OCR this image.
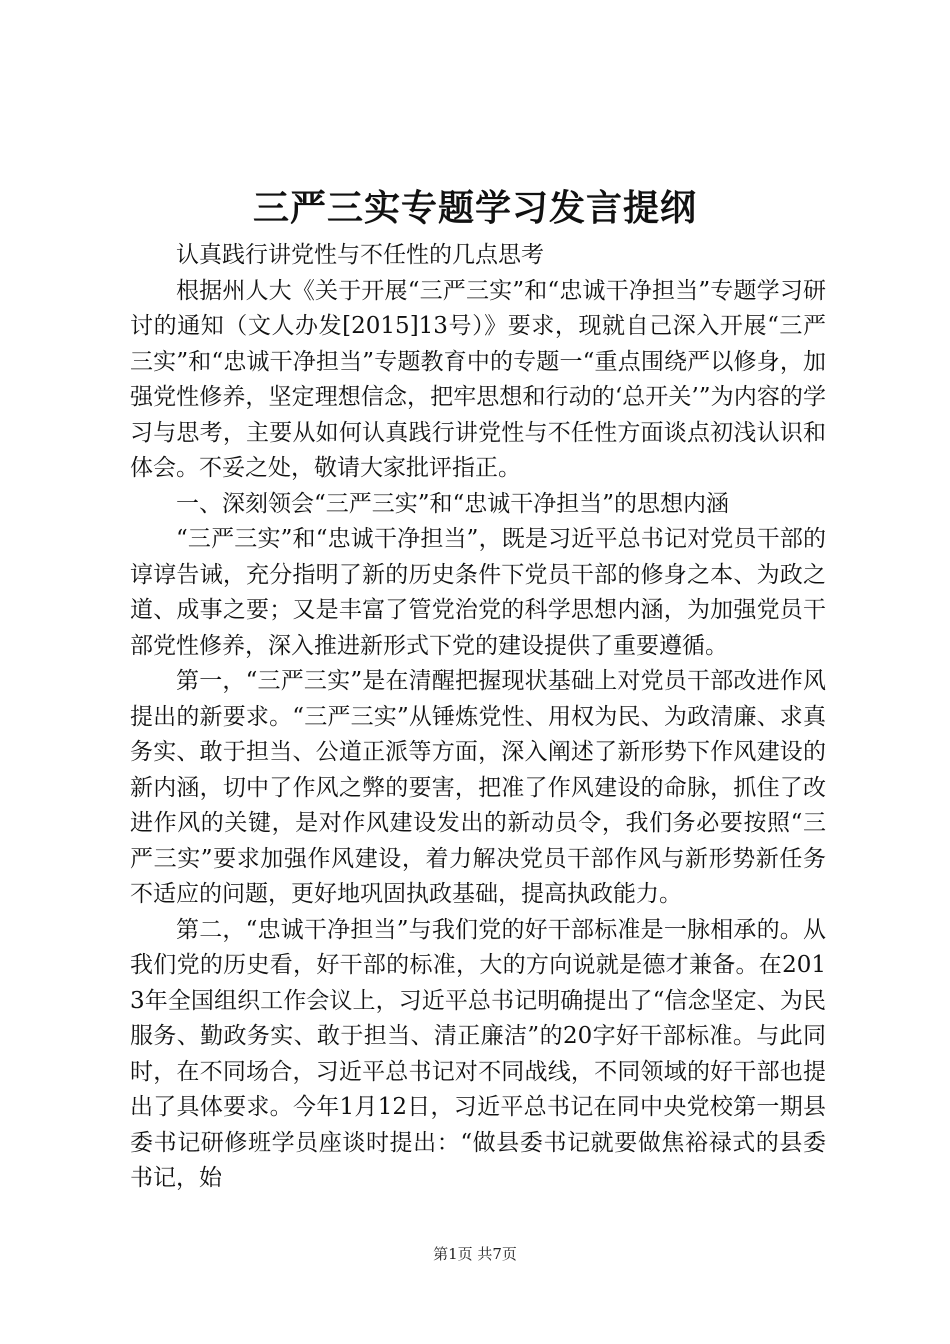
三严三实专题学习发言提纲

认真践行讲党性与不任性的几点思考

根据州人大《关于开展“三严三实”和“忠诚干净担当”专题学习研讨的通知（文人办发[2015]13号）》要求，现就自己深入开展“三严三实”和“忠诚干净担当”专题教育中的专题一“重点围绕严以修身，加强党性修养，坚定理想信念，把牢思想和行动的‘总开关’”为内容的学习与思考，主要从如何认真践行讲党性与不任性方面谈点初浅认识和体会。不妥之处，敬请大家批评指正。

一、深刻领会“三严三实”和“忠诚干净担当”的思想内涵

“三严三实”和“忠诚干净担当”，既是习近平总书记对党员干部的谆谆告诫，充分指明了新的历史条件下党员干部的修身之本、为政之道、成事之要；又是丰富了管党治党的科学思想内涵，为加强党员干部党性修养，深入推进新形式下党的建设提供了重要遵循。

第一，“三严三实”是在清醒把握现状基础上对党员干部改进作风提出的新要求。“三严三实”从锤炼党性、用权为民、为政清廉、求真务实、敢于担当、公道正派等方面，深入阐述了新形势下作风建设的新内涵，切中了作风之弊的要害，把准了作风建设的命脉，抓住了改进作风的关键，是对作风建设发出的新动员令，我们务必要按照“三严三实”要求加强作风建设，着力解决党员干部作风与新形势新任务不适应的问题，更好地巩固执政基础，提高执政能力。

第二，“忠诚干净担当”与我们党的好干部标准是一脉相承的。从我们党的历史看，好干部的标准，大的方向说就是德才兼备。在2013年全国组织工作会议上，习近平总书记明确提出了“信念坚定、为民服务、勤政务实、敢于担当、清正廉洁”的20字好干部标准。与此同时，在不同场合，习近平总书记对不同战线，不同领域的好干部也提出了具体要求。今年1月12日，习近平总书记在同中央党校第一期县委书记研修班学员座谈时提出：“做县委书记就要做焦裕禄式的县委书记，始

第1页 共7页
